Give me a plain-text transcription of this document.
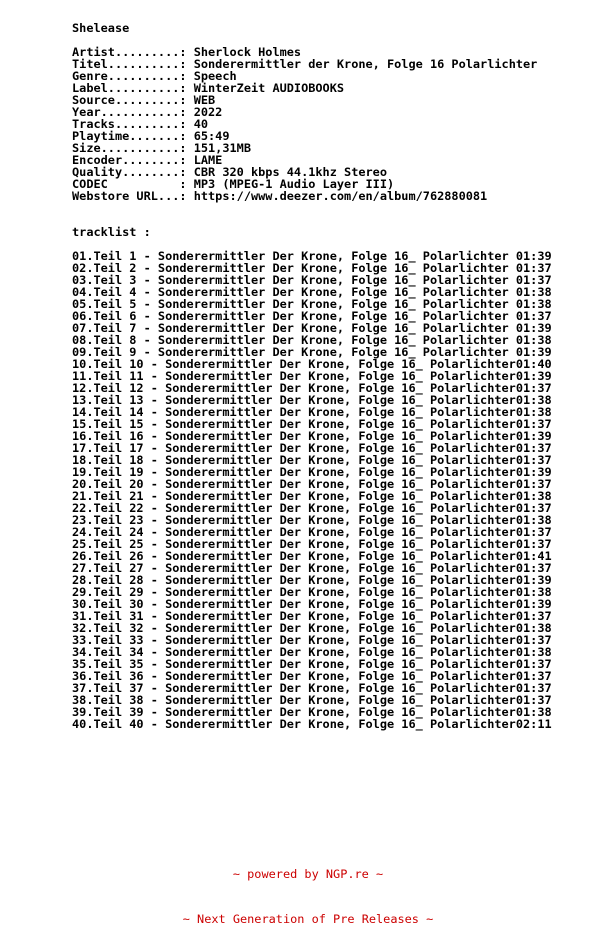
Shelease
Artist.........: Sherlock Holmes
Titel..........: Sonderermittler der Krone, Folge 16 Polarlichter
Genre..........: Speech
Label..........: WinterZeit AUDIOBOOKS
Source.........: WEB
Year...........: 2022
Tracks.........: 40
Playtime.......: 65:49
Size...........: 151,31MB
Encoder........: LAME
Quality........: CBR 320 kbps 44.1khz Stereo
CODEC          : MP3 (MPEG-1 Audio Layer III)
Webstore URL...: https://www.deezer.com/en/album/762880081
tracklist :
01.Teil 1 - Sonderermittler Der Krone, Folge 16_ Polarlichter 01:39
02.Teil 2 - Sonderermittler Der Krone, Folge 16_ Polarlichter 01:37
03.Teil 3 - Sonderermittler Der Krone, Folge 16_ Polarlichter 01:37
04.Teil 4 - Sonderermittler Der Krone, Folge 16_ Polarlichter 01:38
05.Teil 5 - Sonderermittler Der Krone, Folge 16_ Polarlichter 01:38
06.Teil 6 - Sonderermittler Der Krone, Folge 16_ Polarlichter 01:37
07.Teil 7 - Sonderermittler Der Krone, Folge 16_ Polarlichter 01:39
08.Teil 8 - Sonderermittler Der Krone, Folge 16_ Polarlichter 01:38
09.Teil 9 - Sonderermittler Der Krone, Folge 16_ Polarlichter 01:39
10.Teil 10 - Sonderermittler Der Krone, Folge 16_ Polarlichter01:40
11.Teil 11 - Sonderermittler Der Krone, Folge 16_ Polarlichter01:39
12.Teil 12 - Sonderermittler Der Krone, Folge 16_ Polarlichter01:37
13.Teil 13 - Sonderermittler Der Krone, Folge 16_ Polarlichter01:38
14.Teil 14 - Sonderermittler Der Krone, Folge 16_ Polarlichter01:38
15.Teil 15 - Sonderermittler Der Krone, Folge 16_ Polarlichter01:37
16.Teil 16 - Sonderermittler Der Krone, Folge 16_ Polarlichter01:39
17.Teil 17 - Sonderermittler Der Krone, Folge 16_ Polarlichter01:37
18.Teil 18 - Sonderermittler Der Krone, Folge 16_ Polarlichter01:37
19.Teil 19 - Sonderermittler Der Krone, Folge 16_ Polarlichter01:39
20.Teil 20 - Sonderermittler Der Krone, Folge 16_ Polarlichter01:37
21.Teil 21 - Sonderermittler Der Krone, Folge 16_ Polarlichter01:38
22.Teil 22 - Sonderermittler Der Krone, Folge 16_ Polarlichter01:37
23.Teil 23 - Sonderermittler Der Krone, Folge 16_ Polarlichter01:38
24.Teil 24 - Sonderermittler Der Krone, Folge 16_ Polarlichter01:37
25.Teil 25 - Sonderermittler Der Krone, Folge 16_ Polarlichter01:37
26.Teil 26 - Sonderermittler Der Krone, Folge 16_ Polarlichter01:41
27.Teil 27 - Sonderermittler Der Krone, Folge 16_ Polarlichter01:37
28.Teil 28 - Sonderermittler Der Krone, Folge 16_ Polarlichter01:39
29.Teil 29 - Sonderermittler Der Krone, Folge 16_ Polarlichter01:38
30.Teil 30 - Sonderermittler Der Krone, Folge 16_ Polarlichter01:39
31.Teil 31 - Sonderermittler Der Krone, Folge 16_ Polarlichter01:37
32.Teil 32 - Sonderermittler Der Krone, Folge 16_ Polarlichter01:38
33.Teil 33 - Sonderermittler Der Krone, Folge 16_ Polarlichter01:37
34.Teil 34 - Sonderermittler Der Krone, Folge 16_ Polarlichter01:38
35.Teil 35 - Sonderermittler Der Krone, Folge 16_ Polarlichter01:37
36.Teil 36 - Sonderermittler Der Krone, Folge 16_ Polarlichter01:37
37.Teil 37 - Sonderermittler Der Krone, Folge 16_ Polarlichter01:37
38.Teil 38 - Sonderermittler Der Krone, Folge 16_ Polarlichter01:37
39.Teil 39 - Sonderermittler Der Krone, Folge 16_ Polarlichter01:38
40.Teil 40 - Sonderermittler Der Krone, Folge 16_ Polarlichter02:11

~ powered by NGP.re ~

~ Next Generation of Pre Releases ~
